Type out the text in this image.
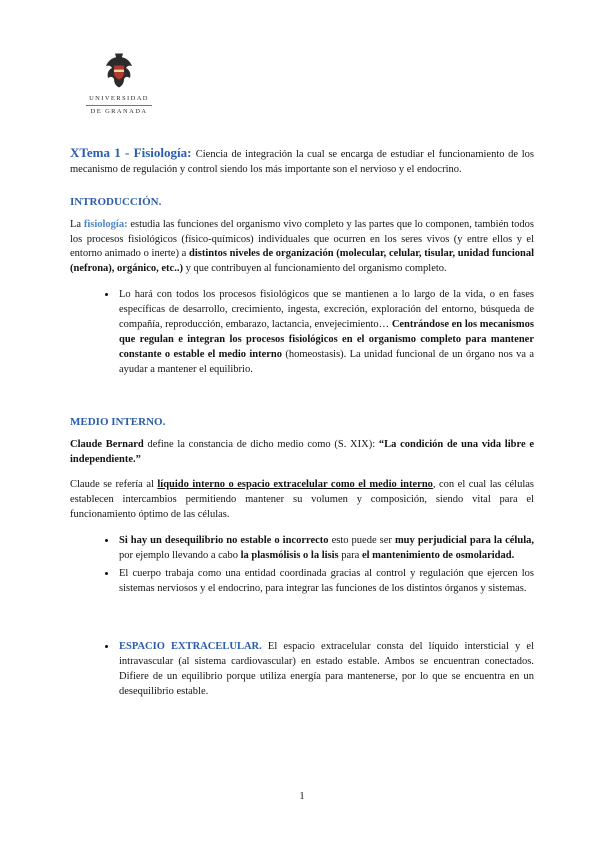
UNIVERSIDAD
DE GRANADA

XTema 1 - Fisiología: Ciencia de integración la cual se encarga de estudiar el funcionamiento de los mecanismo de regulación y control siendo los más importante son el nervioso y el endocrino.

INTRODUCCIÓN.

La fisiología: estudia las funciones del organismo vivo completo y las partes que lo componen, también todos los procesos fisiológicos (físico-químicos) individuales que ocurren en los seres vivos (y entre ellos y el entorno animado o inerte) a distintos niveles de organización (molecular, celular, tisular, unidad funcional (nefrona), orgánico, etc..) y que contribuyen al funcionamiento del organismo completo.

• Lo hará con todos los procesos fisiológicos que se mantienen a lo largo de la vida, o en fases específicas de desarrollo, crecimiento, ingesta, excreción, exploración del entorno, búsqueda de compañía, reproducción, embarazo, lactancia, envejecimiento… Centrándose en los mecanismos que regulan e integran los procesos fisiológicos en el organismo completo para mantener constante o estable el medio interno (homeostasis). La unidad funcional de un órgano nos va a ayudar a mantener el equilibrio.

MEDIO INTERNO.

Claude Bernard define la constancia de dicho medio como (S. XIX): “La condición de una vida libre e independiente.”

Claude se refería al líquido interno o espacio extracelular como el medio interno, con el cual las células establecen intercambios permitiendo mantener su volumen y composición, siendo vital para el funcionamiento óptimo de las células.

• Si hay un desequilibrio no estable o incorrecto esto puede ser muy perjudicial para la célula, por ejemplo llevando a cabo la plasmólisis o la lisis para el mantenimiento de osmolaridad.
• El cuerpo trabaja como una entidad coordinada gracias al control y regulación que ejercen los sistemas nerviosos y el endocrino, para integrar las funciones de los distintos órganos y sistemas.
• ESPACIO EXTRACELULAR. El espacio extracelular consta del líquido intersticial y el intravascular (al sistema cardiovascular) en estado estable. Ambos se encuentran conectados. Difiere de un equilibrio porque utiliza energía para mantenerse, por lo que se encuentra en un desequilibrio estable.
1
